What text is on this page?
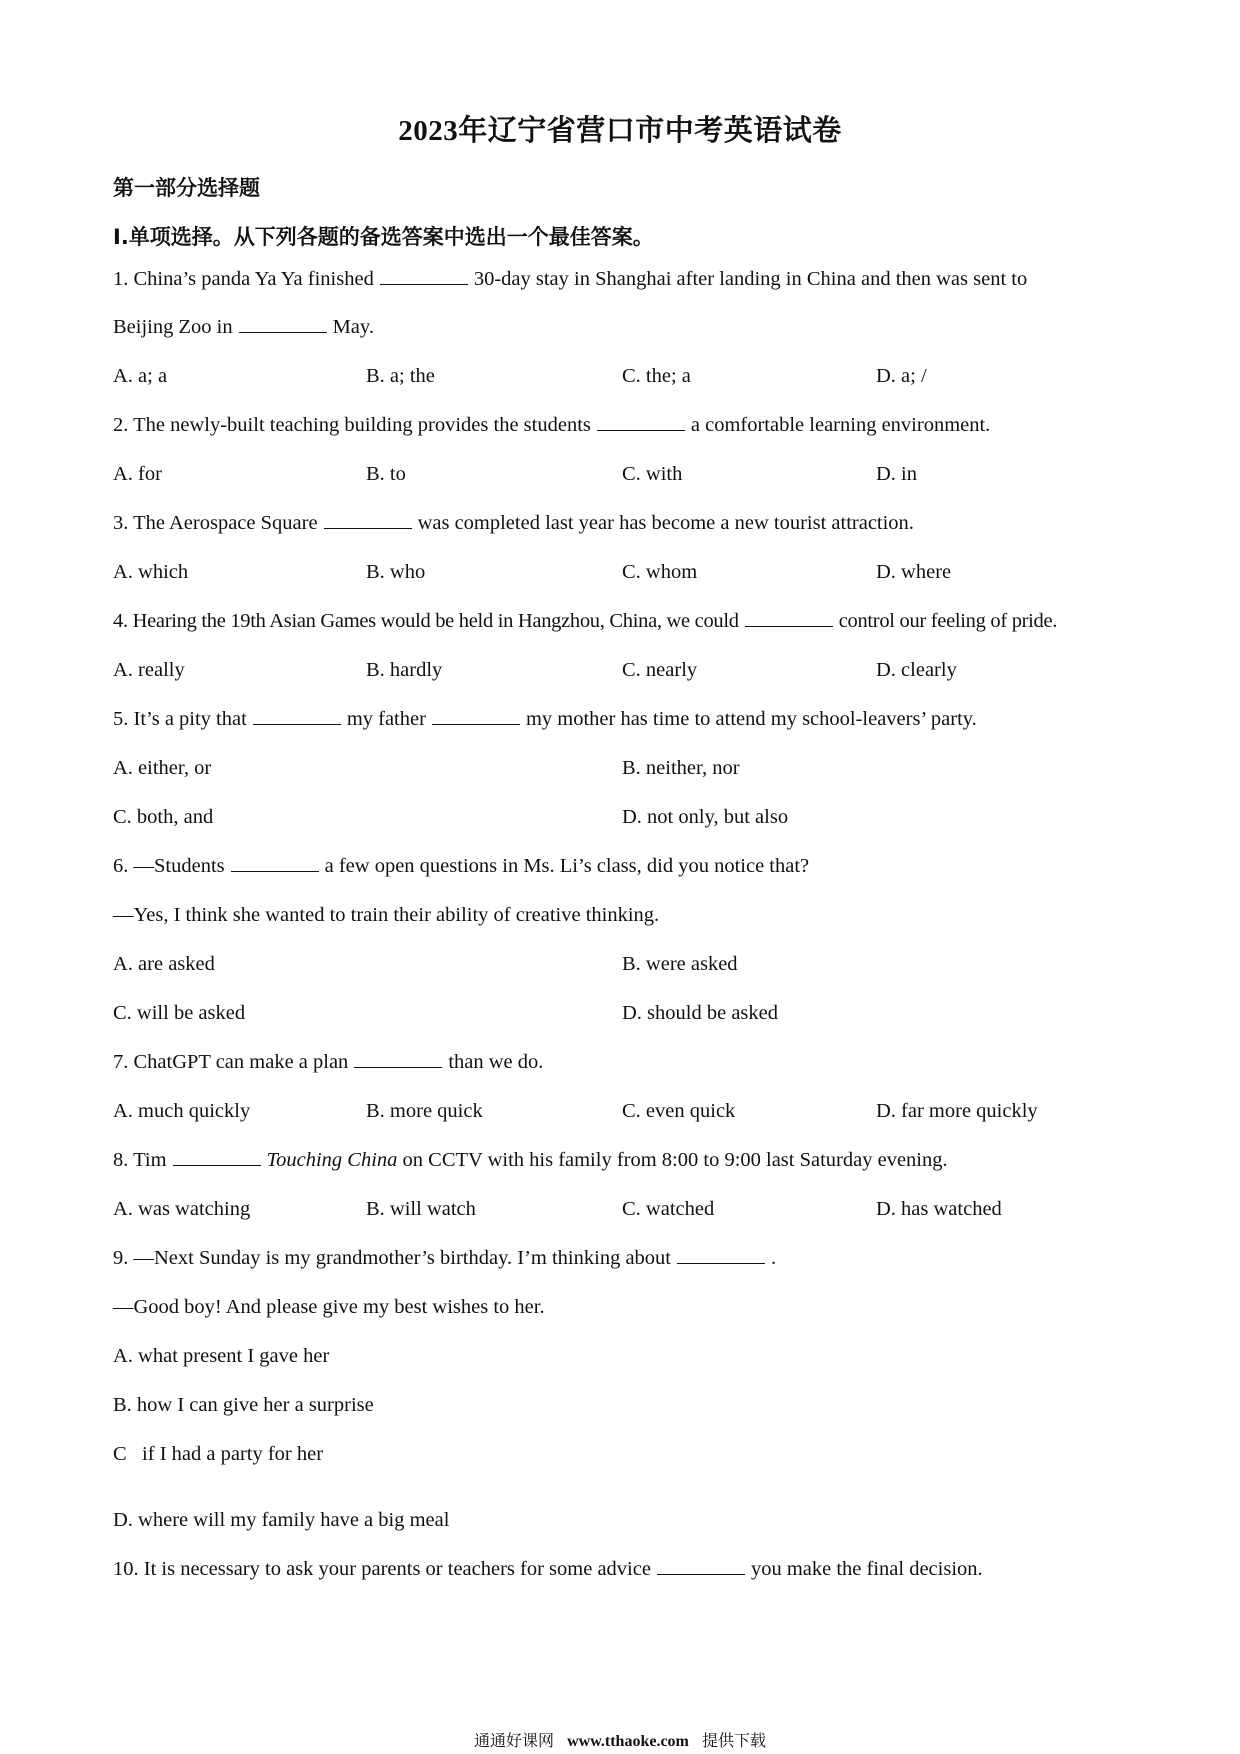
2023年辽宁省营口市中考英语试卷
第一部分选择题
Ⅰ.单项选择。从下列各题的备选答案中选出一个最佳答案。
1. China’s panda Ya Ya finished	30-day stay in Shanghai after landing in China and then was sent to
Beijing Zoo in	May.
A. a; a	B. a; the	C. the; a	D. a; /
2. The newly-built teaching building provides the students	a comfortable learning environment.
A. for	B. to	C. with	D. in
3. The Aerospace Square	was completed last year has become a new tourist attraction.
A. which	B. who	C. whom	D. where
4. Hearing the 19th Asian Games would be held in Hangzhou, China, we could	control our feeling of pride.
A. really	B. hardly	C. nearly	D. clearly
5. It’s a pity that	my father	my mother has time to attend my school-leavers’ party.
A. either, or	B. neither, nor
C. both, and	D. not only, but also
6. —Students	a few open questions in Ms. Li’s class, did you notice that?
—Yes, I think she wanted to train their ability of creative thinking.
A. are asked	B. were asked
C. will be asked	D. should be asked
7. ChatGPT can make a plan	than we do.
A. much quickly	B. more quick	C. even quick	D. far more quickly
8. Tim	Touching China on CCTV with his family from 8:00 to 9:00 last Saturday evening.
A. was watching	B. will watch	C. watched	D. has watched
9. —Next Sunday is my grandmother’s birthday. I’m thinking about	.
—Good boy! And please give my best wishes to her.
A. what present I gave her
B. how I can give her a surprise
C   if I had a party for her
D. where will my family have a big meal
10. It is necessary to ask your parents or teachers for some advice	you make the final decision.
通通好课网 www.tthaoke.com 提供下载
